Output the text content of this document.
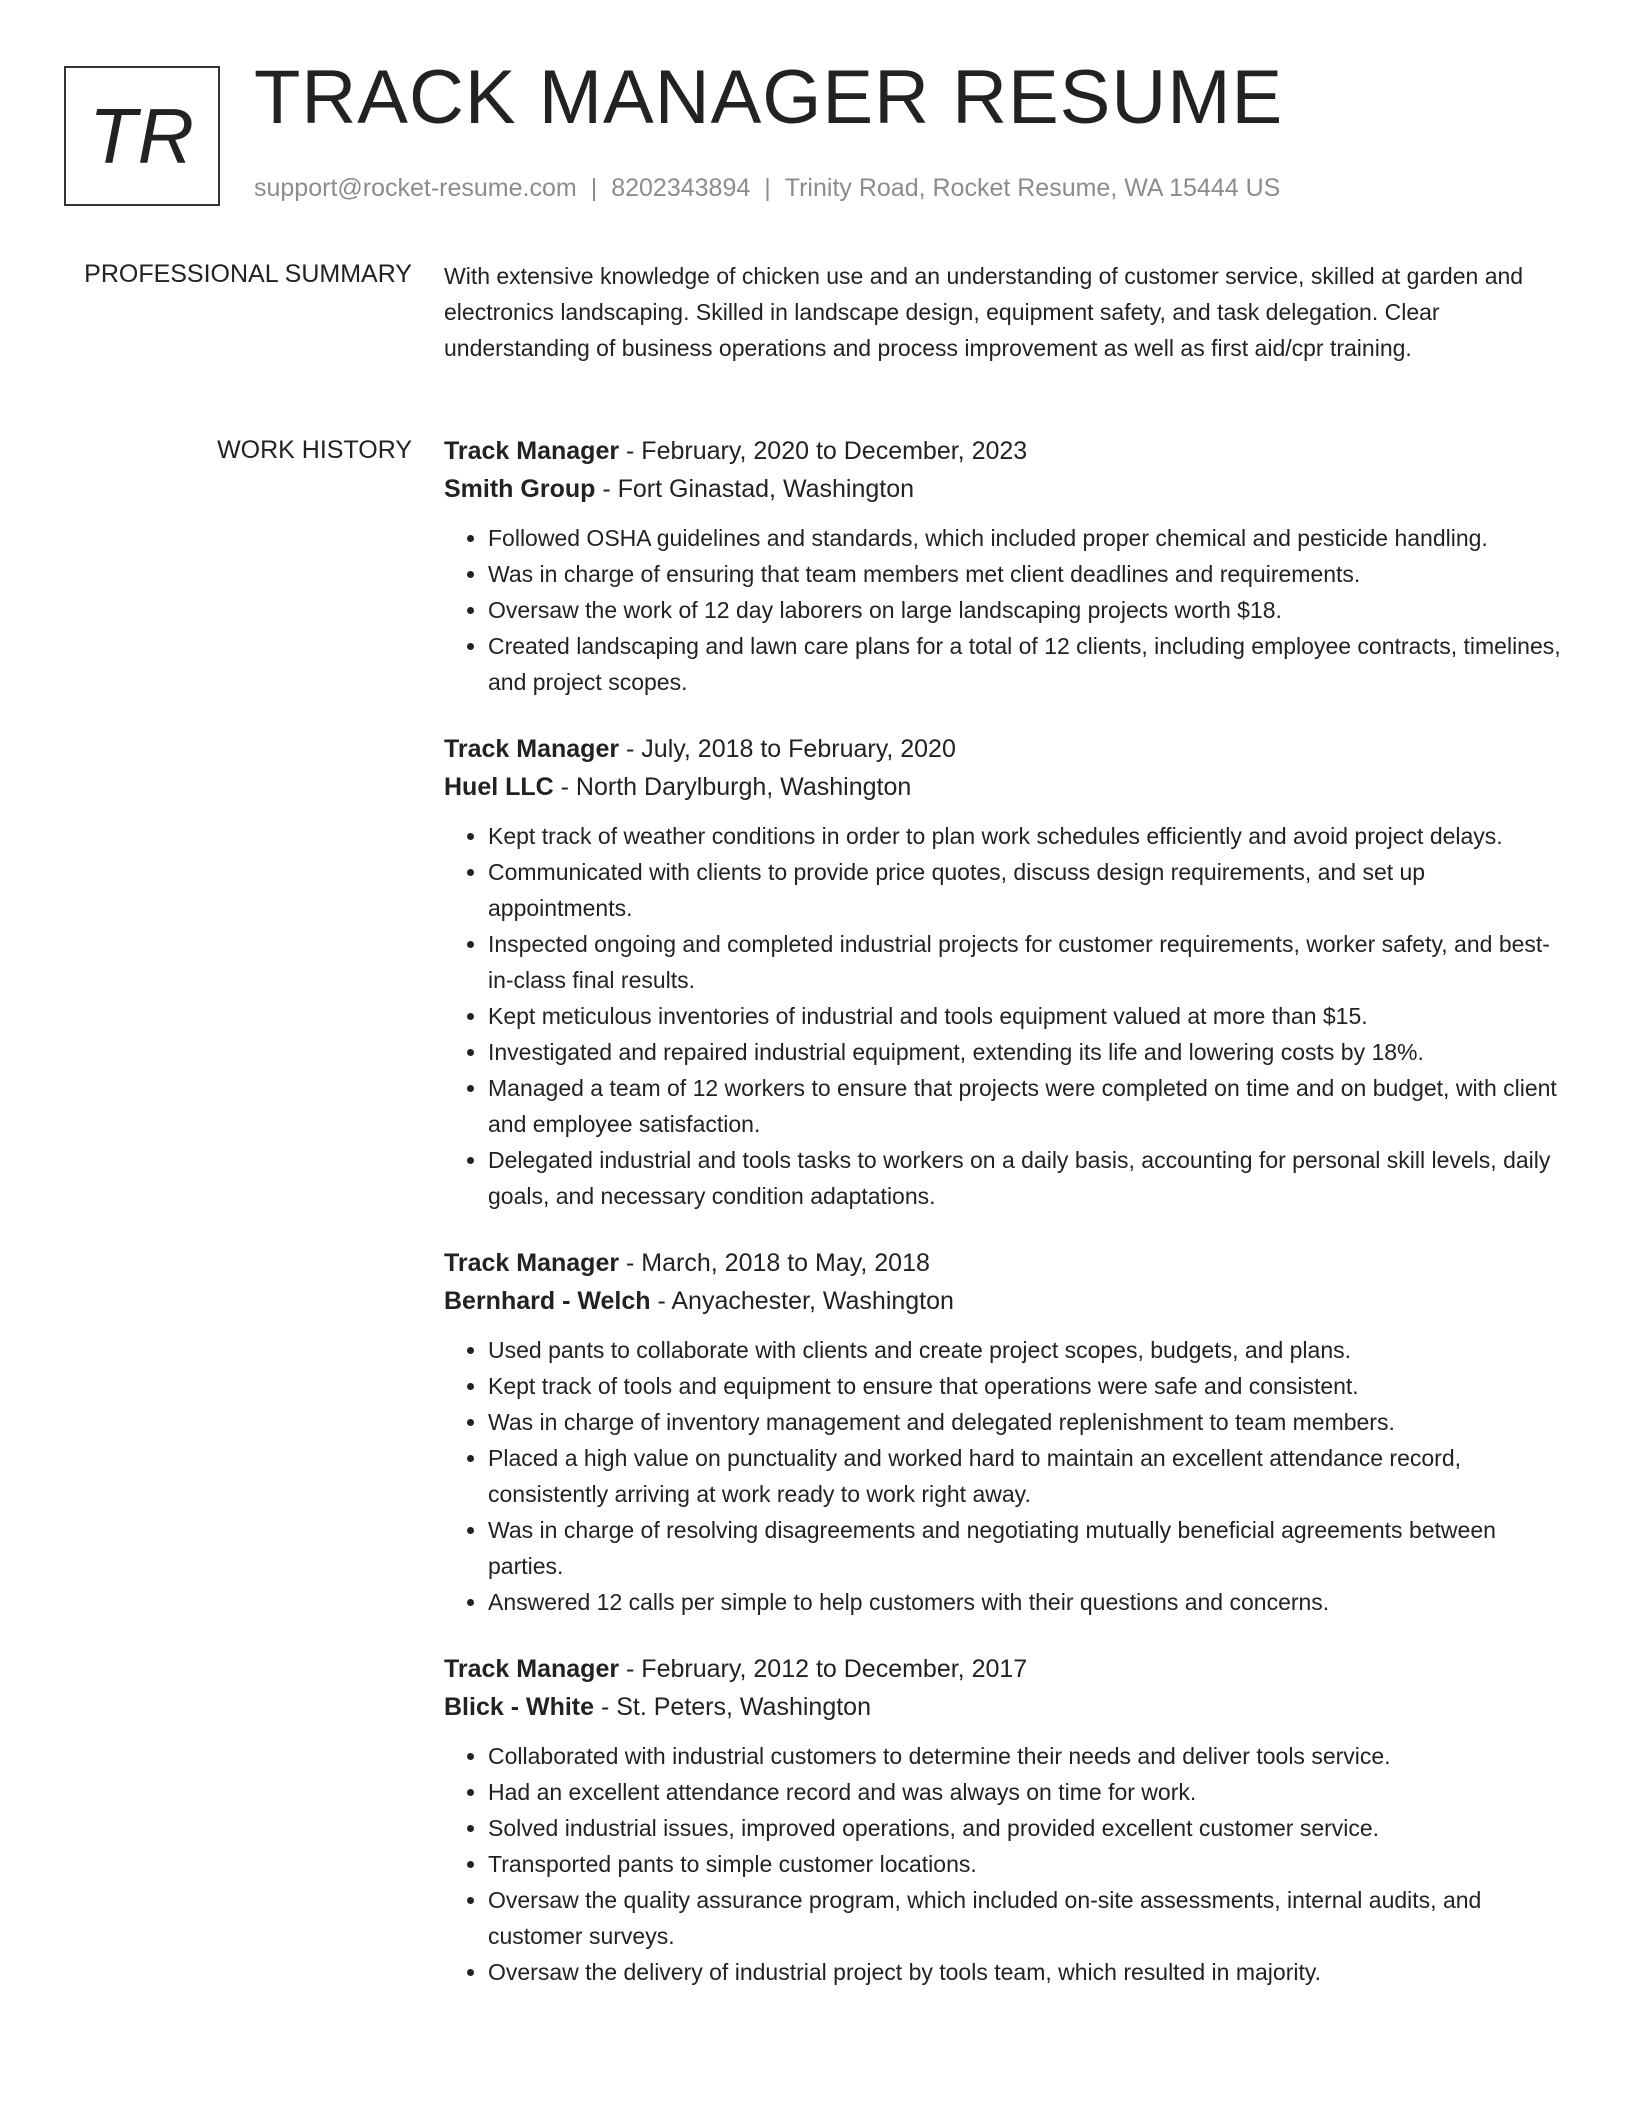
TR TRACK MANAGER RESUME
support@rocket-resume.com | 8202343894 | Trinity Road, Rocket Resume, WA 15444 US
PROFESSIONAL SUMMARY With extensive knowledge of chicken use and an understanding of customer service, skilled at garden and electronics landscaping. Skilled in landscape design, equipment safety, and task delegation. Clear understanding of business operations and process improvement as well as first aid/cpr training.

WORK HISTORY Track Manager - February, 2020 to December, 2023
Smith Group - Fort Ginastad, Washington
• Followed OSHA guidelines and standards, which included proper chemical and pesticide handling.
• Was in charge of ensuring that team members met client deadlines and requirements.
• Oversaw the work of 12 day laborers on large landscaping projects worth $18.
• Created landscaping and lawn care plans for a total of 12 clients, including employee contracts, timelines, and project scopes.
Track Manager - July, 2018 to February, 2020
Huel LLC - North Darylburgh, Washington
• Kept track of weather conditions in order to plan work schedules efficiently and avoid project delays.
• Communicated with clients to provide price quotes, discuss design requirements, and set up appointments.
• Inspected ongoing and completed industrial projects for customer requirements, worker safety, and best-in-class final results.
• Kept meticulous inventories of industrial and tools equipment valued at more than $15.
• Investigated and repaired industrial equipment, extending its life and lowering costs by 18%.
• Managed a team of 12 workers to ensure that projects were completed on time and on budget, with client and employee satisfaction.
• Delegated industrial and tools tasks to workers on a daily basis, accounting for personal skill levels, daily goals, and necessary condition adaptations.
Track Manager - March, 2018 to May, 2018
Bernhard - Welch - Anyachester, Washington
• Used pants to collaborate with clients and create project scopes, budgets, and plans.
• Kept track of tools and equipment to ensure that operations were safe and consistent.
• Was in charge of inventory management and delegated replenishment to team members.
• Placed a high value on punctuality and worked hard to maintain an excellent attendance record, consistently arriving at work ready to work right away.
• Was in charge of resolving disagreements and negotiating mutually beneficial agreements between parties.
• Answered 12 calls per simple to help customers with their questions and concerns.
Track Manager - February, 2012 to December, 2017
Blick - White - St. Peters, Washington
• Collaborated with industrial customers to determine their needs and deliver tools service.
• Had an excellent attendance record and was always on time for work.
• Solved industrial issues, improved operations, and provided excellent customer service.
• Transported pants to simple customer locations.
• Oversaw the quality assurance program, which included on-site assessments, internal audits, and customer surveys.
• Oversaw the delivery of industrial project by tools team, which resulted in majority.
